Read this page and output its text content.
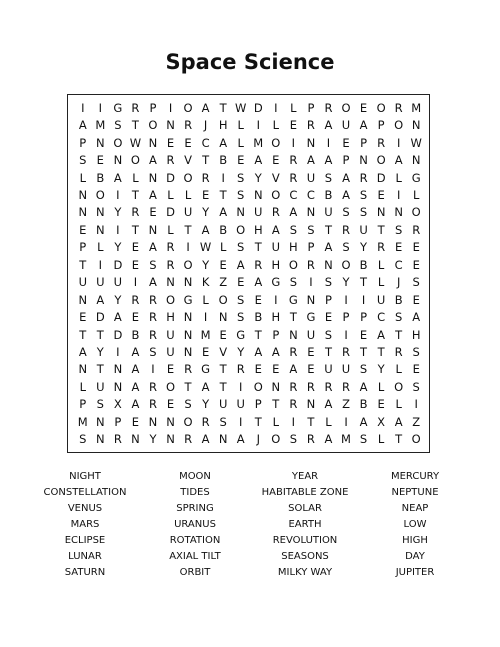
Space Science
I	I G R P	I O A T W D I	L P R O E O R M
A M S T O N R	J	H L	I	L E R A U A P O N
P N O W N E E C A L M O I	N	I	E P R	I W
S E N O A R V T B E A E R A A P N O A N
L B A L N D O R	I	S Y V R U S A R D L G
N O I	T A L L E T S N O C C B A S E	I	L
N N Y R E D U Y A N U R A N U S S N N O
E N	I	T N L T A B O H A S S T R U T S R
P L Y E A R	I W L S T U H P A S Y R E E
T	I D E S R O Y E A R H O R N O B L C E
U U U	I	A N N K Z E A G S	I	S Y T L	J	S
N A Y R R O G L O S E	I G N P	I	I	U B E
E D A E R H N	I	N S B H T G E P P C S A
T T D B R U N M E G T P N U S	I	E A T H
A Y	I	A S U N E V Y A A R E T R T T R S
N T N A	I	E R G T R E E A E U U S Y L E
L U N A R O T A T	I O N R R R R A L O S
P S X A R E S Y U U P T R N A Z B E L	I
M N P E N N O R S	I	T L	I	T L	I	A X A Z
S N R N Y N R A N A	J O S R A M S L T O
NIGHT	MOON	YEAR	MERCURY
CONSTELLATION	TIDES	HABITABLE ZONE	NEPTUNE
VENUS	SPRING	SOLAR	NEAP
MARS	URANUS	EARTH	LOW
ECLIPSE	ROTATION	REVOLUTION	HIGH
LUNAR	AXIAL TILT	SEASONS	DAY
SATURN	ORBIT	MILKY WAY	JUPITER
